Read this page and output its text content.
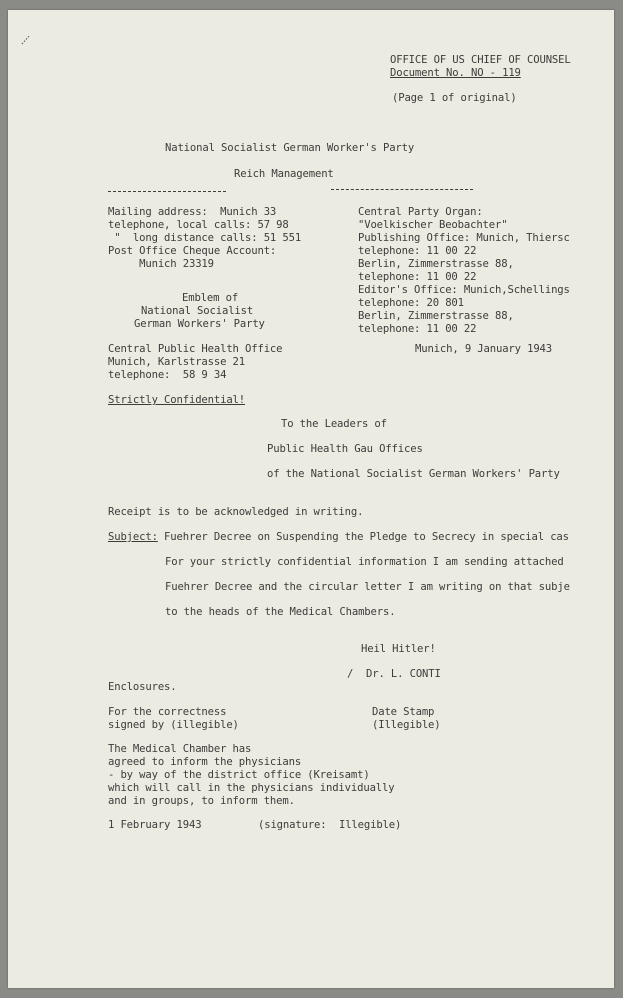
OFFICE OF US CHIEF OF COUNSEL
Document No. NO - 119
(Page 1 of original)
National Socialist German Worker's Party
Reich Management
Mailing address:  Munich 33
telephone, local calls: 57 98
"  long distance calls: 51 551
Post Office Cheque Account:
Munich 23319
Central Party Organ:
"Voelkischer Beobachter"
Publishing Office: Munich, Thiersc
telephone: 11 00 22
Berlin, Zimmerstrasse 88,
telephone: 11 00 22
Editor's Office: Munich,Schellings
telephone: 20 801
Berlin, Zimmerstrasse 88,
telephone: 11 00 22
Emblem of
National Socialist
German Workers' Party
Central Public Health Office
Munich, Karlstrasse 21
telephone:  58 9 34
Munich, 9 January 1943
Strictly Confidential!
To the Leaders of
Public Health Gau Offices
of the National Socialist German Workers' Party
Receipt is to be acknowledged in writing.
Subject: Fuehrer Decree on Suspending the Pledge to Secrecy in special cas
For your strictly confidential information I am sending attached
Fuehrer Decree and the circular letter I am writing on that subje
to the heads of the Medical Chambers.
Heil Hitler!
/ Dr. L. CONTI
Enclosures.
For the correctness
signed by (illegible)
Date Stamp
(Illegible)
The Medical Chamber has
agreed to inform the physicians
- by way of the district office (Kreisamt)
which will call in the physicians individually
and in groups, to inform them.
1 February 1943	(signature:  Illegible)
